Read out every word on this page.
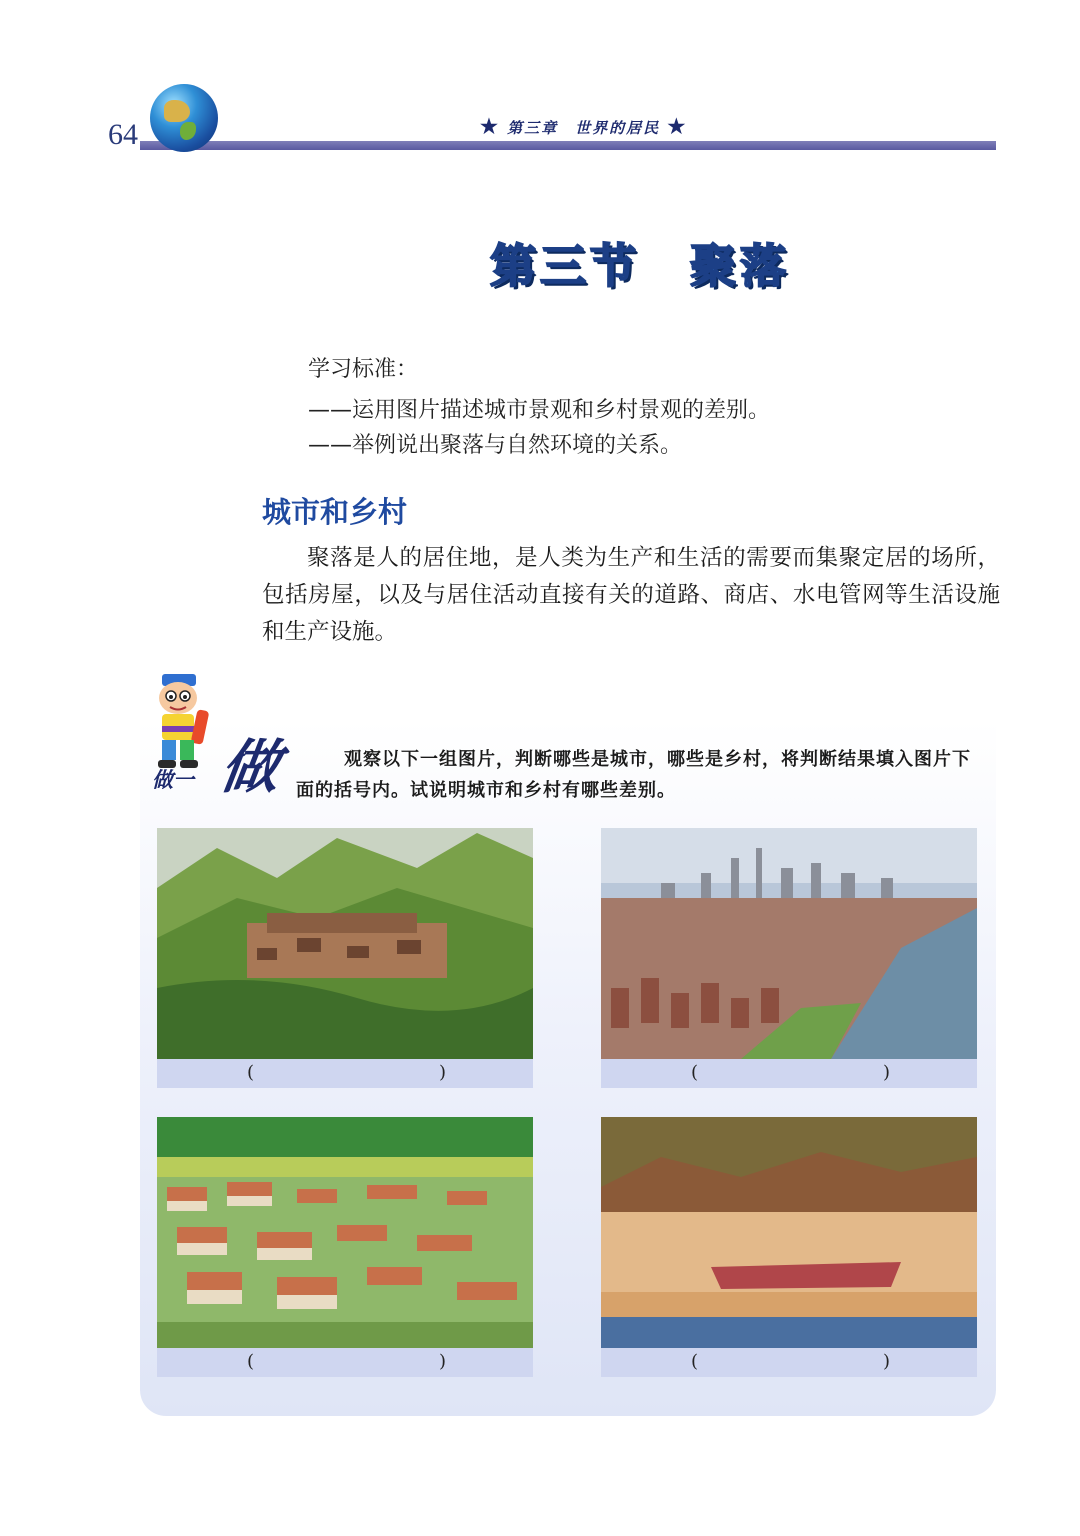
64	★ 第三章　世界的居民 ★
第三节　聚落
学习标准：
——运用图片描述城市景观和乡村景观的差别。
——举例说出聚落与自然环境的关系。
城市和乡村
聚落是人的居住地，是人类为生产和生活的需要而集聚定居的场所，包括房屋，以及与居住活动直接有关的道路、商店、水电管网等生活设施和生产设施。
做一 做	观察以下一组图片，判断哪些是城市，哪些是乡村，将判断结果填入图片下面的括号内。试说明城市和乡村有哪些差别。
(	)	(	)
(	)	(	)
